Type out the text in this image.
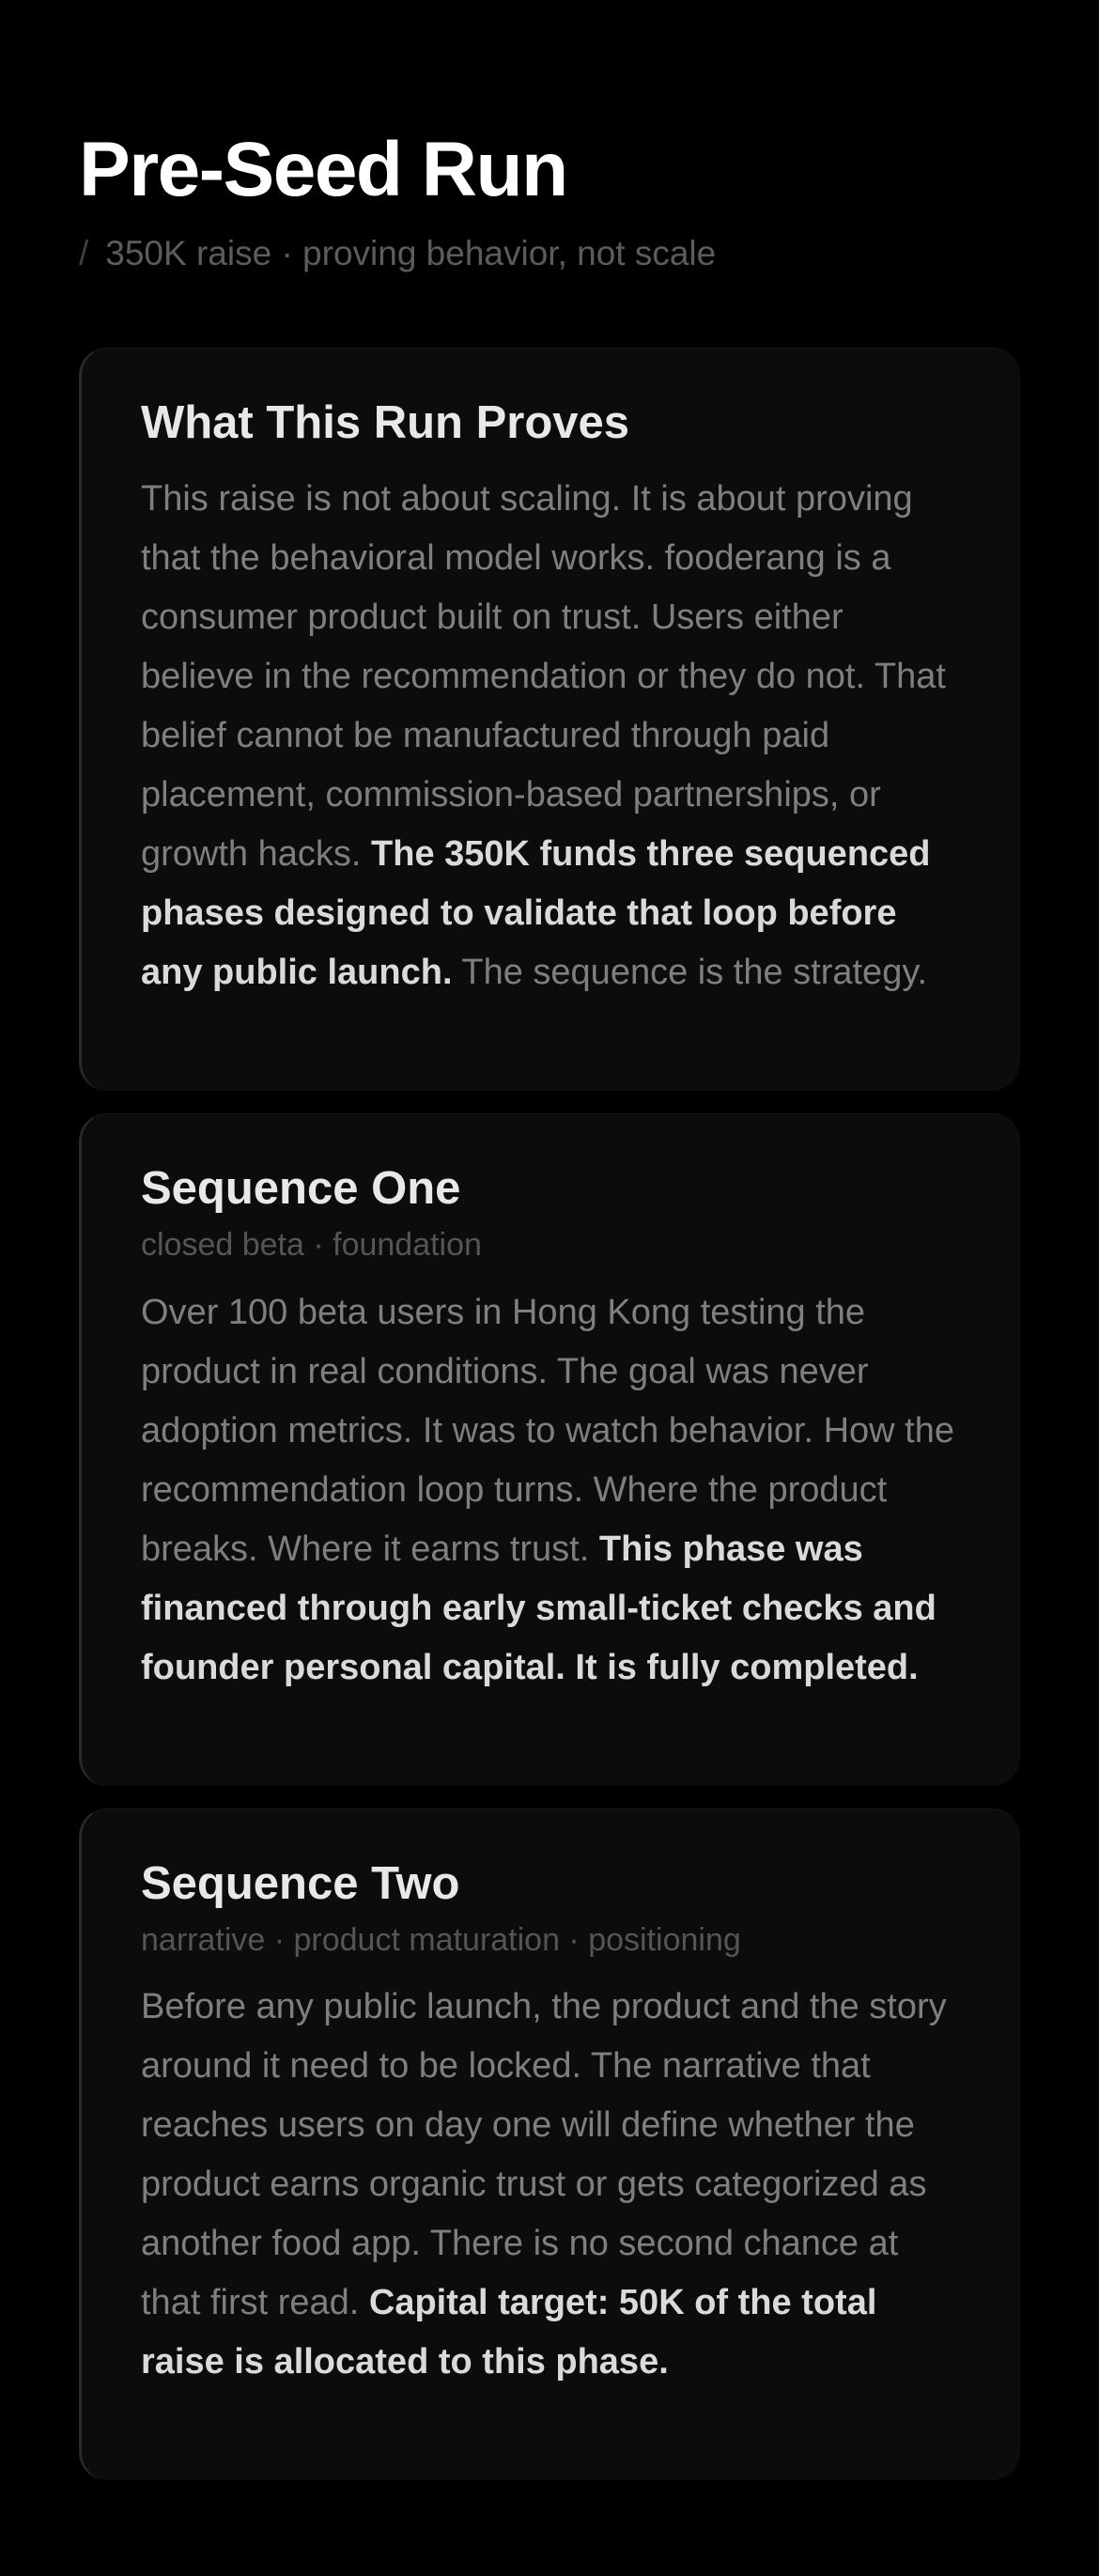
Pre-Seed Run
/ 350K raise · proving behavior, not scale
What This Run Proves

This raise is not about scaling. It is about proving that the behavioral model works. fooderang is a consumer product built on trust. Users either believe in the recommendation or they do not. That belief cannot be manufactured through paid placement, commission-based partnerships, or growth hacks. The 350K funds three sequenced phases designed to validate that loop before any public launch. The sequence is the strategy.

Sequence One
closed beta · foundation

Over 100 beta users in Hong Kong testing the product in real conditions. The goal was never adoption metrics. It was to watch behavior. How the recommendation loop turns. Where the product breaks. Where it earns trust. This phase was financed through early small-ticket checks and founder personal capital. It is fully completed.

Sequence Two
narrative · product maturation · positioning

Before any public launch, the product and the story around it need to be locked. The narrative that reaches users on day one will define whether the product earns organic trust or gets categorized as another food app. There is no second chance at that first read. Capital target: 50K of the total raise is allocated to this phase.
